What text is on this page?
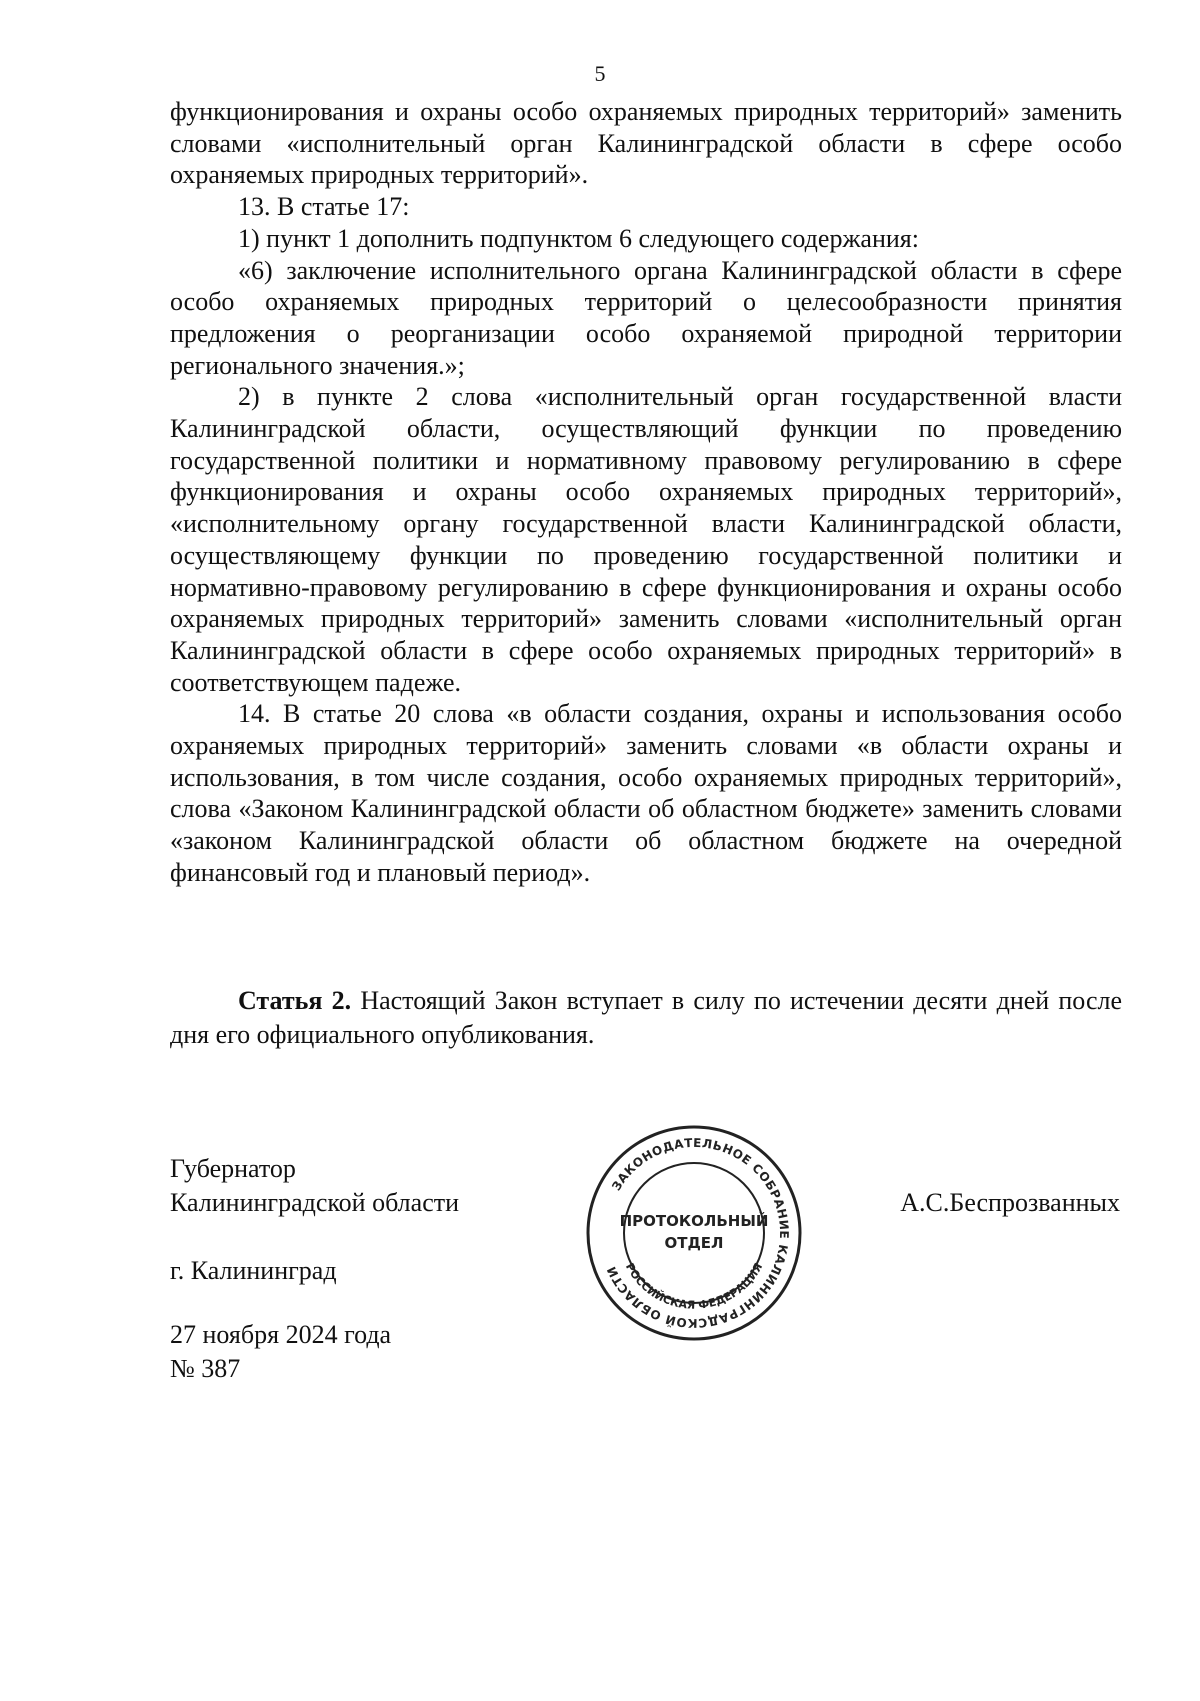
5

функционирования и охраны особо охраняемых природных территорий» заменить словами «исполнительный орган Калининградской области в сфере особо охраняемых природных территорий».

13. В статье 17:

1) пункт 1 дополнить подпунктом 6 следующего содержания:

«6) заключение исполнительного органа Калининградской области в сфере особо охраняемых природных территорий о целесообразности принятия предложения о реорганизации особо охраняемой природной территории регионального значения.»;

2) в пункте 2 слова «исполнительный орган государственной власти Калининградской области, осуществляющий функции по проведению государственной политики и нормативному правовому регулированию в сфере функционирования и охраны особо охраняемых природных территорий», «исполнительному органу государственной власти Калининградской области, осуществляющему функции по проведению государственной политики и нормативно-правовому регулированию в сфере функционирования и охраны особо охраняемых природных территорий» заменить словами «исполнительный орган Калининградской области в сфере особо охраняемых природных территорий» в соответствующем падеже.

14. В статье 20 слова «в области создания, охраны и использования особо охраняемых природных территорий» заменить словами «в области охраны и использования, в том числе создания, особо охраняемых природных территорий», слова «Законом Калининградской области об областном бюджете» заменить словами «законом Калининградской области об областном бюджете на очередной финансовый год и плановый период».

Статья 2. Настоящий Закон вступает в силу по истечении десяти дней после дня его официального опубликования.

Губернатор
Калининградской области	А.С.Беспрозванных
г. Калининград
27 ноября 2024 года
№ 387
ЗАКОНОДАТЕЛЬНОЕ СОБРАНИЕ КАЛИНИНГРАДСКОЙ ОБЛАСТИ РОССИЙСКАЯ ФЕДЕРАЦИЯ
ПРОТОКОЛЬНЫЙ
ОТДЕЛ
